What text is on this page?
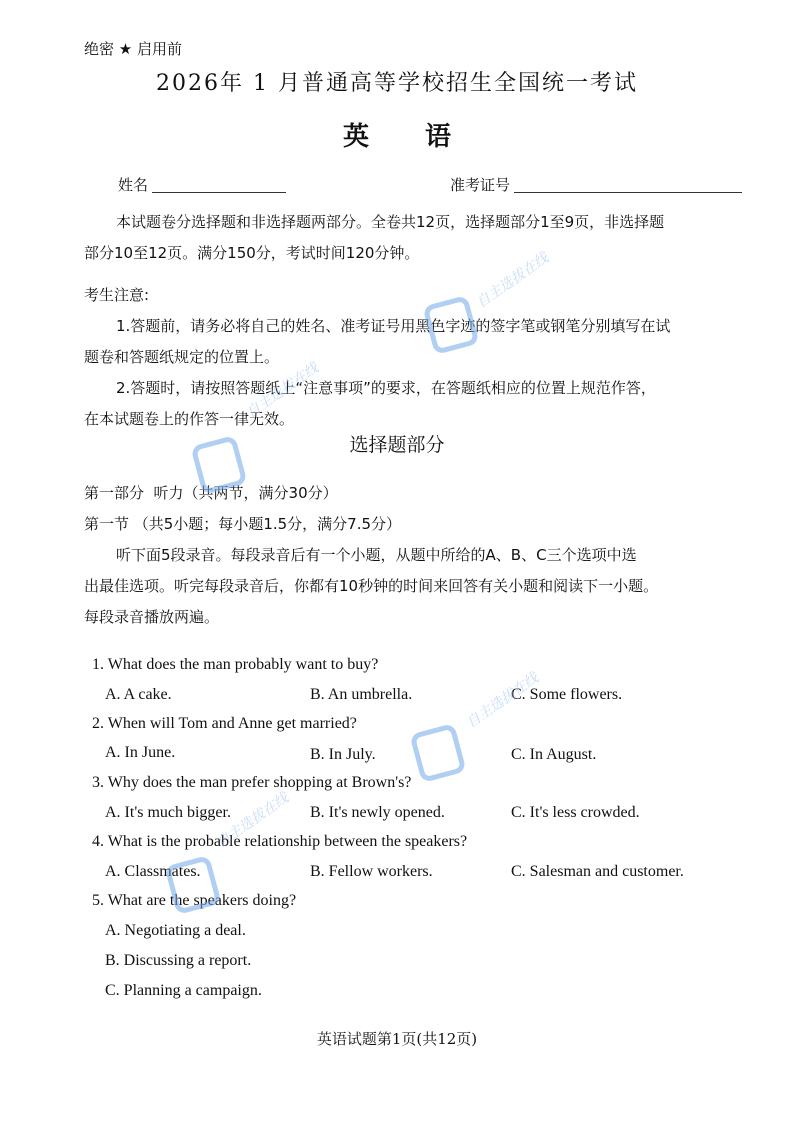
绝密 ★ 启用前
2026年 1 月普通高等学校招生全国统一考试
英 语
姓名	准考证号
本试题卷分选择题和非选择题两部分。全卷共12页，选择题部分1至9页，非选择题
部分10至12页。满分150分，考试时间120分钟。
考生注意:
1.答题前，请务必将自己的姓名、准考证号用黑色字迹的签字笔或钢笔分别填写在试
题卷和答题纸规定的位置上。
2.答题时，请按照答题纸上“注意事项”的要求，在答题纸相应的位置上规范作答，
在本试题卷上的作答一律无效。
选择题部分
第一部分  听力（共两节，满分30分）
第一节 （共5小题；每小题1.5分，满分7.5分）
听下面5段录音。每段录音后有一个小题，从题中所给的A、B、C三个选项中选
出最佳选项。听完每段录音后，你都有10秒钟的时间来回答有关小题和阅读下一小题。
每段录音播放两遍。
1. What does the man probably want to buy?
A. A cake.	B. An umbrella.	C. Some flowers.
2. When will Tom and Anne get married?
A. In June.	B. In July.	C. In August.
3. Why does the man prefer shopping at Brown's?
A. It's much bigger.	B. It's newly opened.	C. It's less crowded.
4. What is the probable relationship between the speakers?
A. Classmates.	B. Fellow workers.	C. Salesman and customer.
5. What are the speakers doing?
A. Negotiating a deal.
B. Discussing a report.
C. Planning a campaign.
英语试题第1页(共12页)
自主选拔在线
自主选拔在线
自主选拔在线
自主选拔在线
